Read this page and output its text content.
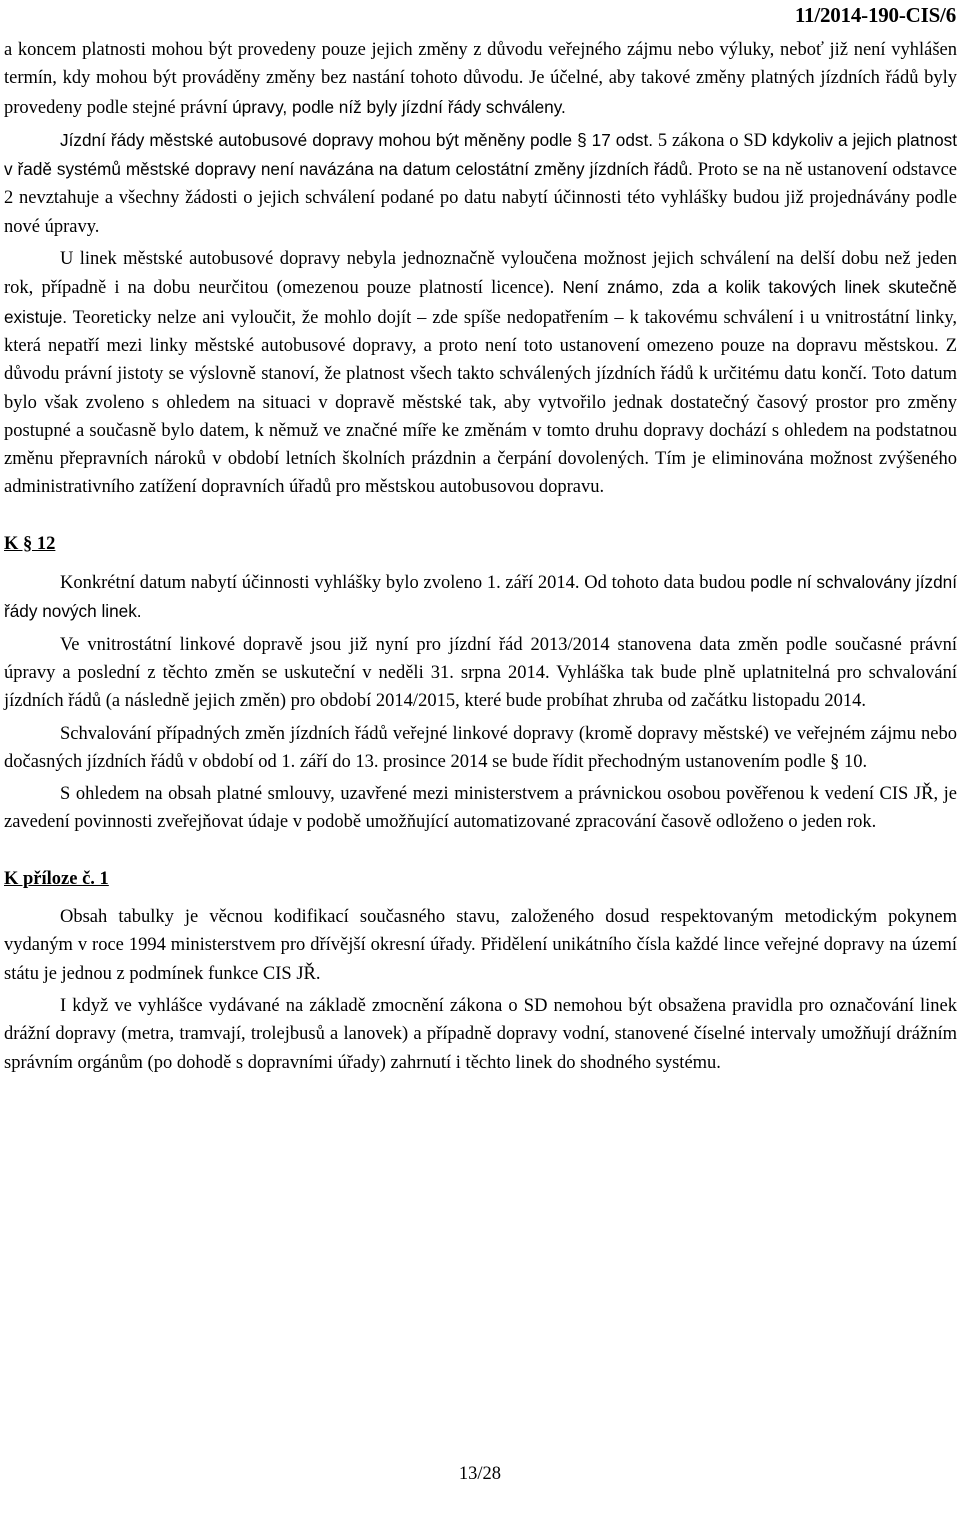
11/2014-190-CIS/6

a koncem platnosti mohou být provedeny pouze jejich změny z důvodu veřejného zájmu nebo výluky, neboť již není vyhlášen termín, kdy mohou být prováděny změny bez nastání tohoto důvodu. Je účelné, aby takové změny platných jízdních řádů byly provedeny podle stejné právní úpravy, podle níž byly jízdní řády schváleny.

Jízdní řády městské autobusové dopravy mohou být měněny podle § 17 odst. 5 zákona o SD kdykoliv a jejich platnost v řadě systémů městské dopravy není navázána na datum celostátní změny jízdních řádů. Proto se na ně ustanovení odstavce 2 nevztahuje a všechny žádosti o jejich schválení podané po datu nabytí účinnosti této vyhlášky budou již projednávány podle nové úpravy.

U linek městské autobusové dopravy nebyla jednoznačně vyloučena možnost jejich schválení na delší dobu než jeden rok, případně i na dobu neurčitou (omezenou pouze platností licence). Není známo, zda a kolik takových linek skutečně existuje. Teoreticky nelze ani vyloučit, že mohlo dojít – zde spíše nedopatřením – k takovému schválení i u vnitrostátní linky, která nepatří mezi linky městské autobusové dopravy, a proto není toto ustanovení omezeno pouze na dopravu městskou. Z důvodu právní jistoty se výslovně stanoví, že platnost všech takto schválených jízdních řádů k určitému datu končí. Toto datum bylo však zvoleno s ohledem na situaci v dopravě městské tak, aby vytvořilo jednak dostatečný časový prostor pro změny postupné a současně bylo datem, k němuž ve značné míře ke změnám v tomto druhu dopravy dochází s ohledem na podstatnou změnu přepravních nároků v období letních školních prázdnin a čerpání dovolených. Tím je eliminována možnost zvýšeného administrativního zatížení dopravních úřadů pro městskou autobusovou dopravu.

K § 12

Konkrétní datum nabytí účinnosti vyhlášky bylo zvoleno 1. září 2014. Od tohoto data budou podle ní schvalovány jízdní řády nových linek.

Ve vnitrostátní linkové dopravě jsou již nyní pro jízdní řád 2013/2014 stanovena data změn podle současné právní úpravy a poslední z těchto změn se uskuteční v neděli 31. srpna 2014. Vyhláška tak bude plně uplatnitelná pro schvalování jízdních řádů (a následně jejich změn) pro období 2014/2015, které bude probíhat zhruba od začátku listopadu 2014.

Schvalování případných změn jízdních řádů veřejné linkové dopravy (kromě dopravy městské) ve veřejném zájmu nebo dočasných jízdních řádů v období od 1. září do 13. prosince 2014 se bude řídit přechodným ustanovením podle § 10.

S ohledem na obsah platné smlouvy, uzavřené mezi ministerstvem a právnickou osobou pověřenou k vedení CIS JŘ, je zavedení povinnosti zveřejňovat údaje v podobě umožňující automatizované zpracování časově odloženo o jeden rok.

K příloze č. 1

Obsah tabulky je věcnou kodifikací současného stavu, založeného dosud respektovaným metodickým pokynem vydaným v roce 1994 ministerstvem pro dřívější okresní úřady. Přidělení unikátního čísla každé lince veřejné dopravy na území státu je jednou z podmínek funkce CIS JŘ.

I když ve vyhlášce vydávané na základě zmocnění zákona o SD nemohou být obsažena pravidla pro označování linek drážní dopravy (metra, tramvají, trolejbusů a lanovek) a případně dopravy vodní, stanovené číselné intervaly umožňují drážním správním orgánům (po dohodě s dopravními úřady) zahrnutí i těchto linek do shodného systému.

13/28
